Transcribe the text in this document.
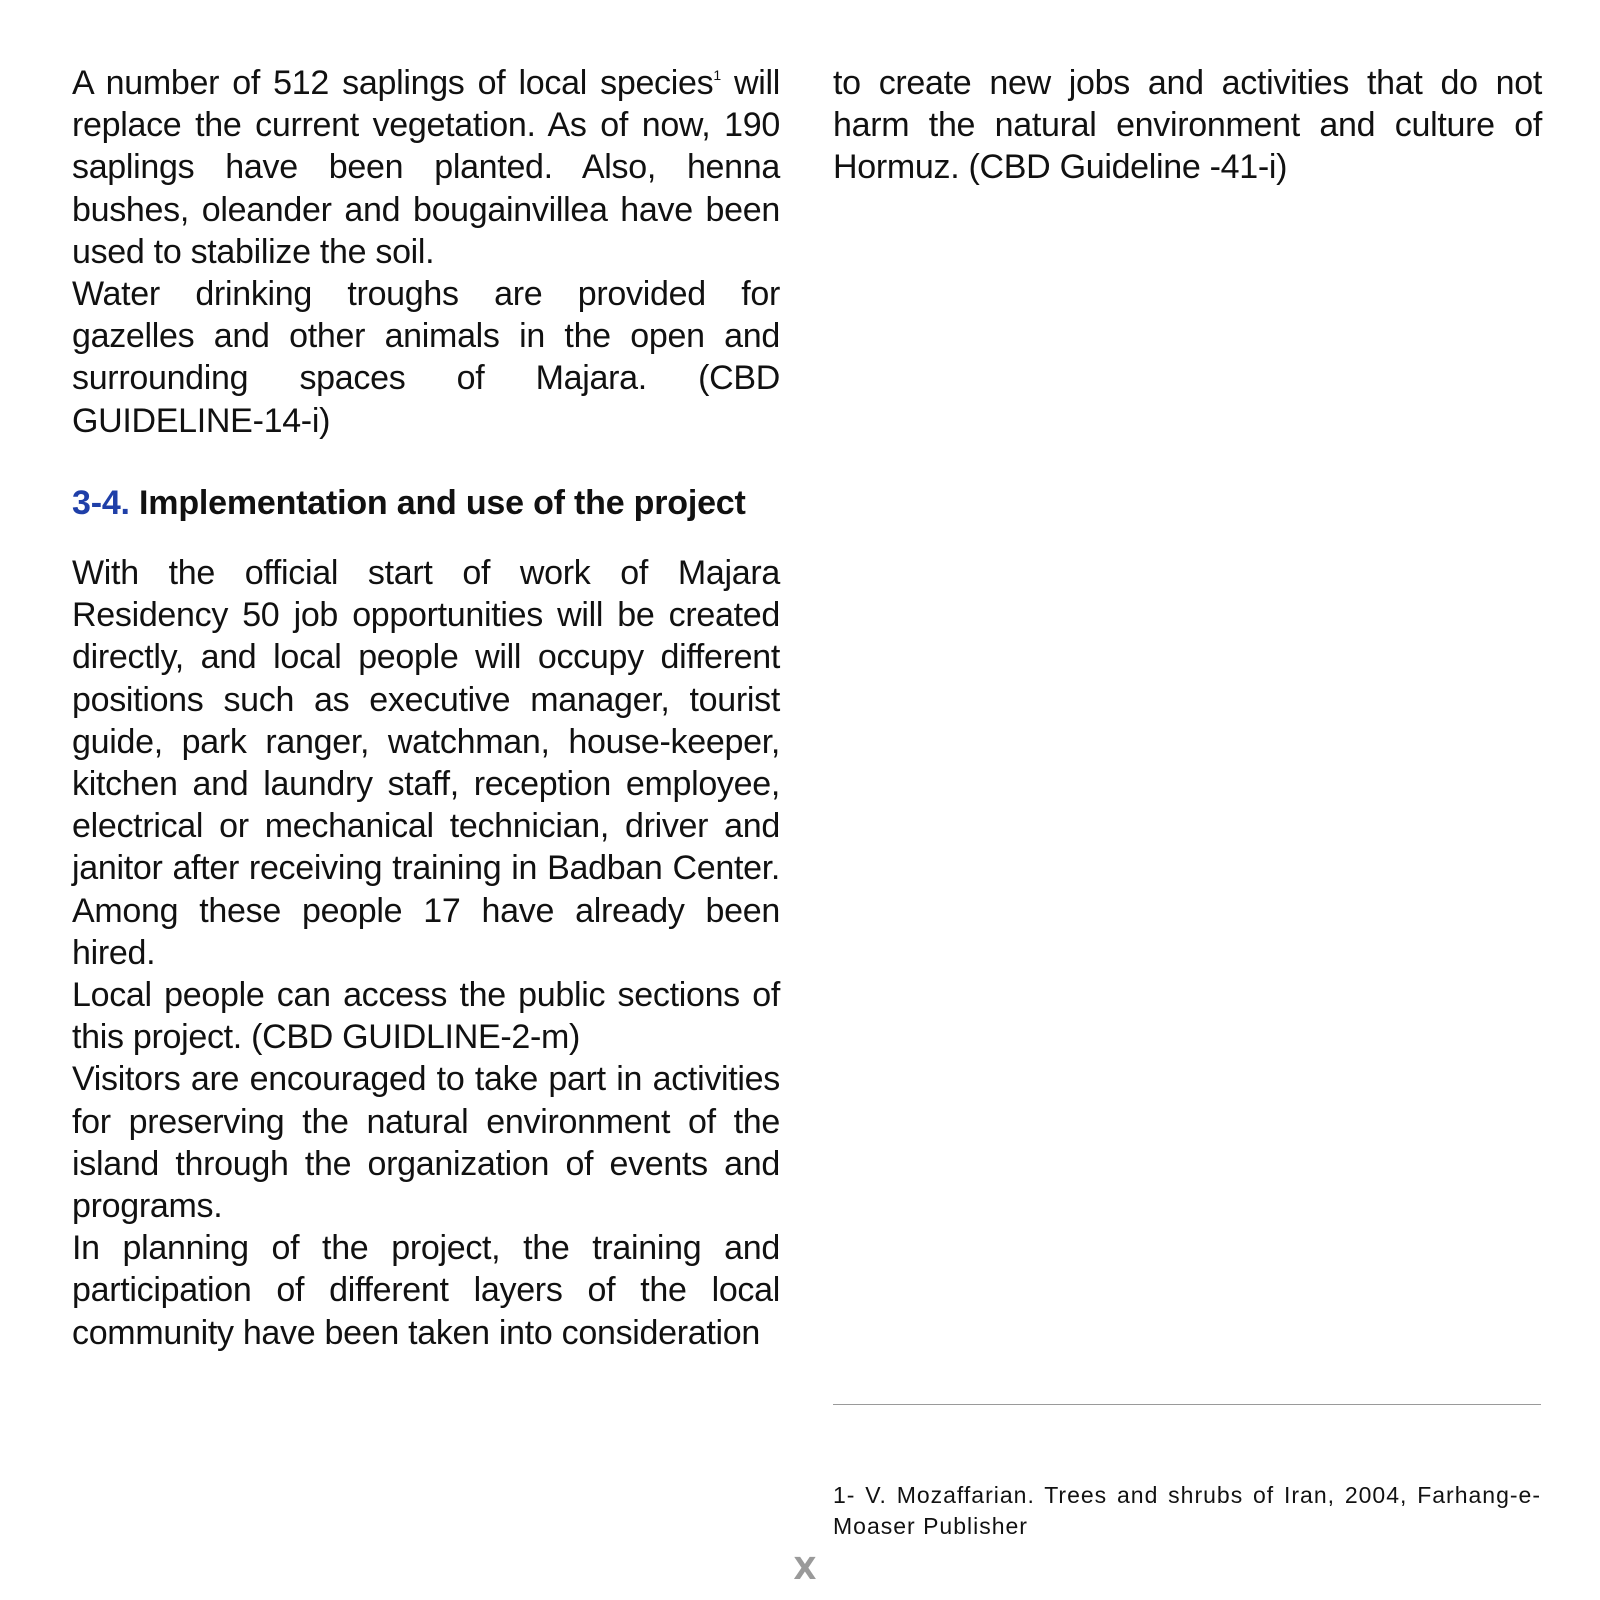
A number of 512 saplings of local species$^1$ will replace the current vegetation. As of now, 190 saplings have been planted. Also, henna bushes, oleander and bougainvillea have been used to stabilize the soil.

Water drinking troughs are provided for gazelles and other animals in the open and surrounding spaces of Majara. (CBD GUIDELINE-14-i)

3-4. Implementation and use of the project

With the official start of work of Majara Residency 50 job opportunities will be created directly, and local people will occupy different positions such as executive manager, tourist guide, park ranger, watchman, house-keeper, kitchen and laundry staff, reception employee, electrical or mechanical technician, driver and janitor after receiving training in Badban Center. Among these people 17 have already been hired.

Local people can access the public sections of this project. (CBD GUIDLINE-2-m)

Visitors are encouraged to take part in activities for preserving the natural environment of the island through the organization of events and programs.

In planning of the project, the training and participation of different layers of the local community have been taken into consideration

to create new jobs and activities that do not harm the natural environment and culture of Hormuz. (CBD Guideline -41-i)

1- V. Mozaffarian. Trees and shrubs of Iran, 2004, Farhang-e-Moaser Publisher

X
